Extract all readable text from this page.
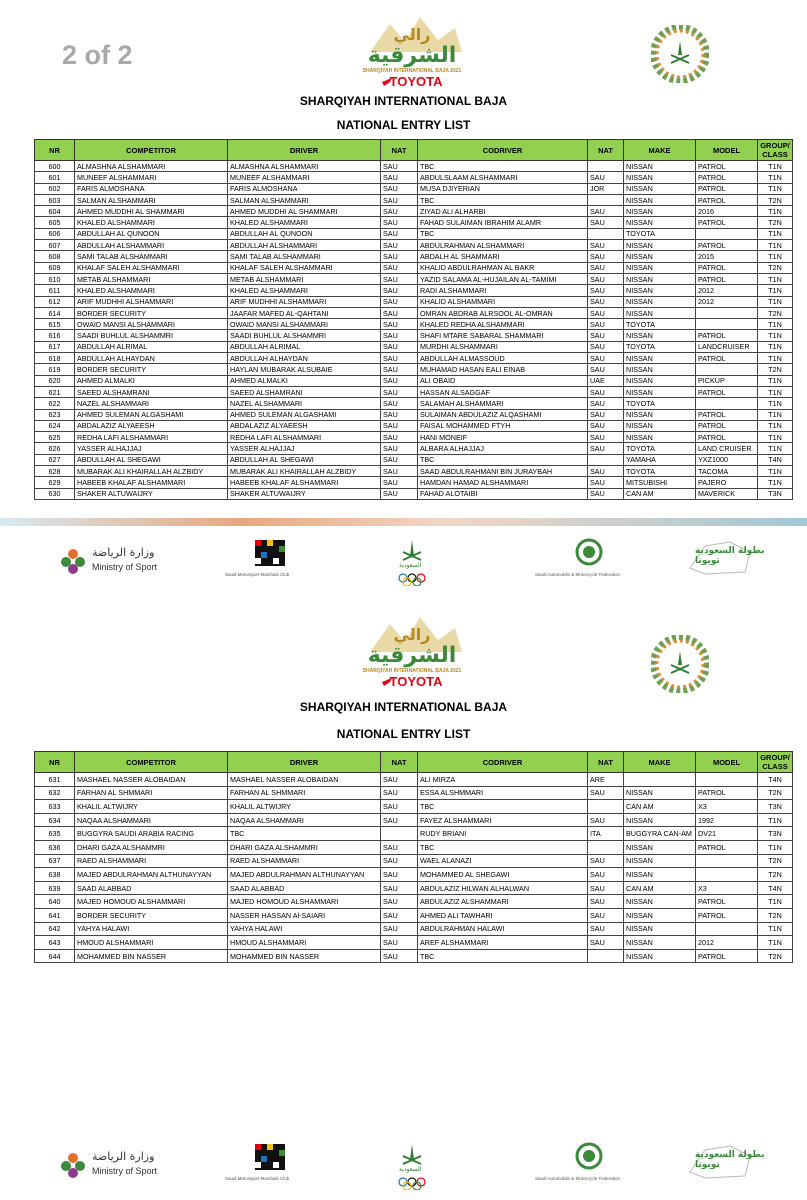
2 of 2
رالي
الشرقية
SHARQIYAH INTERNATIONAL BAJA 2021
TOYOTA
SHARQIYAH INTERNATIONAL BAJA
NATIONAL ENTRY LIST
NR	COMPETITOR	DRIVER	NAT	CODRIVER	NAT	MAKE	MODEL	GROUP/ CLASS
600	ALMASHNA ALSHAMMARI	ALMASHNA ALSHAMMARI	SAU	TBC		NISSAN	PATROL	T1N
601	MUNEEF ALSHAMMARI	MUNEEF ALSHAMMARI	SAU	ABDULSLAAM ALSHAMMARI	SAU	NISSAN	PATROL	T1N
602	FARIS ALMOSHANA	FARIS ALMOSHANA	SAU	MUSA DJIYERIAN	JOR	NISSAN	PATROL	T1N
603	SALMAN ALSHAMMARI	SALMAN ALSHAMMARI	SAU	TBC		NISSAN	PATROL	T2N
604	AHMED MUDDHI AL SHAMMARI	AHMED MUDDHI AL SHAMMARI	SAU	ZIYAD ALI ALHARBI	SAU	NISSAN	2016	T1N
605	KHALED ALSHAMMARI	KHALED ALSHAMMARI	SAU	FAHAD SULAIMAN IBRAHIM ALAMR	SAU	NISSAN	PATROL	T2N
606	ABDULLAH AL QUNOON	ABDULLAH AL QUNOON	SAU	TBC		TOYOTA		T1N
607	ABDULLAH ALSHAMMARI	ABDULLAH ALSHAMMARI	SAU	ABDULRAHMAN ALSHAMMARI	SAU	NISSAN	PATROL	T1N
608	SAMI TALAB ALSHAMMARI	SAMI TALAB ALSHAMMARI	SAU	ABDALH AL SHAMMARI	SAU	NISSAN	2015	T1N
609	KHALAF SALEH ALSHAMMARI	KHALAF SALEH ALSHAMMARI	SAU	KHALID ABDULRAHMAN AL BAKR	SAU	NISSAN	PATROL	T2N
610	METAB ALSHAMMARI	METAB ALSHAMMARI	SAU	YAZID SALAMA AL-HUJAILAN AL-TAMIMI	SAU	NISSAN	PATROL	T1N
611	KHALED ALSHAMMARI	KHALED ALSHAMMARI	SAU	RADI ALSHAMMARI	SAU	NISSAN	2012	T1N
612	ARIF MUDHHI ALSHAMMARI	ARIF MUDHHI ALSHAMMARI	SAU	KHALID ALSHAMMARI	SAU	NISSAN	2012	T1N
614	BORDER SECURITY	JAAFAR MAFED AL-QAHTANI	SAU	OMRAN ABDRAB ALRSOOL AL-OMRAN	SAU	NISSAN		T2N
615	OWAID MANSI ALSHAMMARI	OWAID MANSI ALSHAMMARI	SAU	KHALED REDHA ALSHAMMARI	SAU	TOYOTA		T1N
616	SAADI BUHLUL ALSHAMMRI	SAADI BUHLUL ALSHAMMRI	SAU	SHAFI MTARE SABARAL SHAMMARI	SAU	NISSAN	PATROL	T1N
617	ABDULLAH ALRIMAL	ABDULLAH ALRIMAL	SAU	MURDHI ALSHAMMARI	SAU	TOYOTA	LANDCRUISER	T1N
618	ABDULLAH ALHAYDAN	ABDULLAH ALHAYDAN	SAU	ABDULLAH ALMASSOUD	SAU	NISSAN	PATROL	T1N
619	BORDER SECURITY	HAYLAN MUBARAK ALSUBAIE	SAU	MUHAMAD HASAN EALI EINAB	SAU	NISSAN		T2N
620	AHMED ALMALKI	AHMED ALMALKI	SAU	ALI OBAID	UAE	NISSAN	PICKUP	T1N
621	SAEED ALSHAMRANI	SAEED ALSHAMRANI	SAU	HASSAN ALSAGGAF	SAU	NISSAN	PATROL	T1N
622	NAZEL ALSHAMMARI	NAZEL ALSHAMMARI	SAU	SALAMAH ALSHAMMARI	SAU	TOYOTA		T1N
623	AHMED SULEMAN ALGASHAMI	AHMED SULEMAN ALGASHAMI	SAU	SULAIMAN ABDULAZIZ ALQASHAMI	SAU	NISSAN	PATROL	T1N
624	ABDALAZIZ ALYAEESH	ABDALAZIZ ALYAEESH	SAU	FAISAL MOHAMMED FTYH	SAU	NISSAN	PATROL	T1N
625	REDHA LAFI ALSHAMMARI	REDHA LAFI ALSHAMMARI	SAU	HANI MONEIF	SAU	NISSAN	PATROL	T1N
626	YASSER ALHAJJAJ	YASSER ALHAJJAJ	SAU	ALBARA ALHAJJAJ	SAU	TOYOTA	LAND CRUISER	T1N
627	ABDULLAH AL SHEGAWI	ABDULLAH AL SHEGAWI	SAU	TBC		YAMAHA	YXZ1000	T4N
628	MUBARAK ALI KHAIRALLAH ALZBIDY	MUBARAK ALI KHAIRALLAH ALZBIDY	SAU	SAAD ABDULRAHMANI BIN JURAYBAH	SAU	TOYOTA	TACOMA	T1N
629	HABEEB KHALAF ALSHAMMARI	HABEEB KHALAF ALSHAMMARI	SAU	HAMDAN HAMAD ALSHAMMARI	SAU	MITSUBISHI	PAJERO	T1N
630	SHAKER ALTUWAIJRY	SHAKER ALTUWAIJRY	SAU	FAHAD ALOTAIBI	SAU	CAN AM	MAVERICK	T3N
وزارة الرياضة
Ministry of Sport
Saudi Motorsport Marshals Club
السعودية
Saudi Automobile & Motorcycle Federation
بطولة السعودية تويوتا
رالي
الشرقية
SHARQIYAH INTERNATIONAL BAJA 2021
TOYOTA
SHARQIYAH INTERNATIONAL BAJA
NATIONAL ENTRY LIST
NR	COMPETITOR	DRIVER	NAT	CODRIVER	NAT	MAKE	MODEL	GROUP/ CLASS
631	MASHAEL NASSER ALOBAIDAN	MASHAEL NASSER ALOBAIDAN	SAU	ALI MIRZA	ARE			T4N
632	FARHAN AL SHMMARI	FARHAN AL SHMMARI	SAU	ESSA ALSHMMARI	SAU	NISSAN	PATROL	T2N
633	KHALIL ALTWIJRY	KHALIL ALTWIJRY	SAU	TBC		CAN AM	X3	T3N
634	NAQAA ALSHAMMARI	NAQAA ALSHAMMARI	SAU	FAYEZ ALSHAMMARI	SAU	NISSAN	1992	T1N
635	BUGGYRA SAUDI ARABIA RACING	TBC		RUDY BRIANI	ITA	BUGGYRA CAN-AM	DV21	T3N
636	DHARI GAZA ALSHAMMRI	DHARI GAZA ALSHAMMRI	SAU	TBC		NISSAN	PATROL	T1N
637	RAED ALSHAMMARI	RAED ALSHAMMARI	SAU	WAEL ALANAZI	SAU	NISSAN		T2N
638	MAJED ABDULRAHMAN ALTHUNAYYAN	MAJED ABDULRAHMAN ALTHUNAYYAN	SAU	MOHAMMED AL SHEGAWI	SAU	NISSAN		T2N
639	SAAD ALABBAD	SAAD ALABBAD	SAU	ABDULAZIZ HILWAN ALHALWAN	SAU	CAN AM	X3	T4N
640	MAJED HOMOUD ALSHAMMARI	MAJED HOMOUD ALSHAMMARI	SAU	ABDULAZIZ ALSHAMMARI	SAU	NISSAN	PATROL	T1N
641	BORDER SECURITY	NASSER HASSAN Al-SAIARI	SAU	AHMED ALI TAWHARI	SAU	NISSAN	PATROL	T2N
642	YAHYA HALAWI	YAHYA HALAWI	SAU	ABDULRAHMAN HALAWI	SAU	NISSAN		T1N
643	HMOUD ALSHAMMARI	HMOUD ALSHAMMARI	SAU	AREF ALSHAMMARI	SAU	NISSAN	2012	T1N
644	MOHAMMED BIN NASSER	MOHAMMED BIN NASSER	SAU	TBC		NISSAN	PATROL	T2N
وزارة الرياضة
Ministry of Sport
Saudi Motorsport Marshals Club
السعودية
Saudi Automobile & Motorcycle Federation
بطولة السعودية تويوتا
